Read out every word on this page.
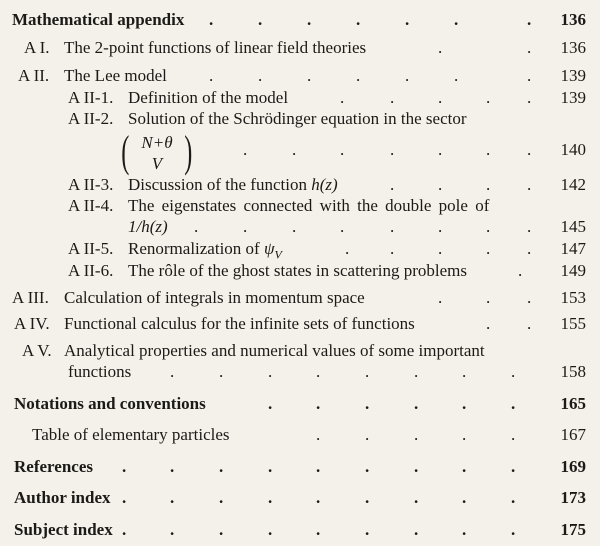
Mathematical appendix	136
.	.	.	.	.	.	.
A I. The 2-point functions of linear field theories	136
.	.
A II. The Lee model	139
.	.	.	.	.	.	.
A II-1. Definition of the model	139
.	.	.	. .
A II-2. Solution of the Schrödinger equation in the sector
( N+θ
V )	140
.	.	.	.	.	. .
A II-3. Discussion of the function h(z)	142
.	.	. .
A II-4. The eigenstates connected with the double pole of
1/h(z)	145
.	.	.	.	.	.	. .
A II-5. Renormalization of $\psi_V$	147
. .	.	. .
A II-6. The rôle of the ghost states in scattering problems	. 149
A III. Calculation of integrals in momentum space	153
.	. .
A IV. Functional calculus for the infinite sets of functions	155
. .
A V. Analytical properties and numerical values of some important
functions	158
.	.	.	.	.	.	.	.
Notations and conventions	165
.	.	.	.	.	.
Table of elementary particles	167
.	.	.	.	.
References	169
.	.	.	.	.	.	.	.	.
Author index	173
.	.	.	.	.	.	.	.	.
Subject index	175
.	.	.	.	.	.	.	.	.
